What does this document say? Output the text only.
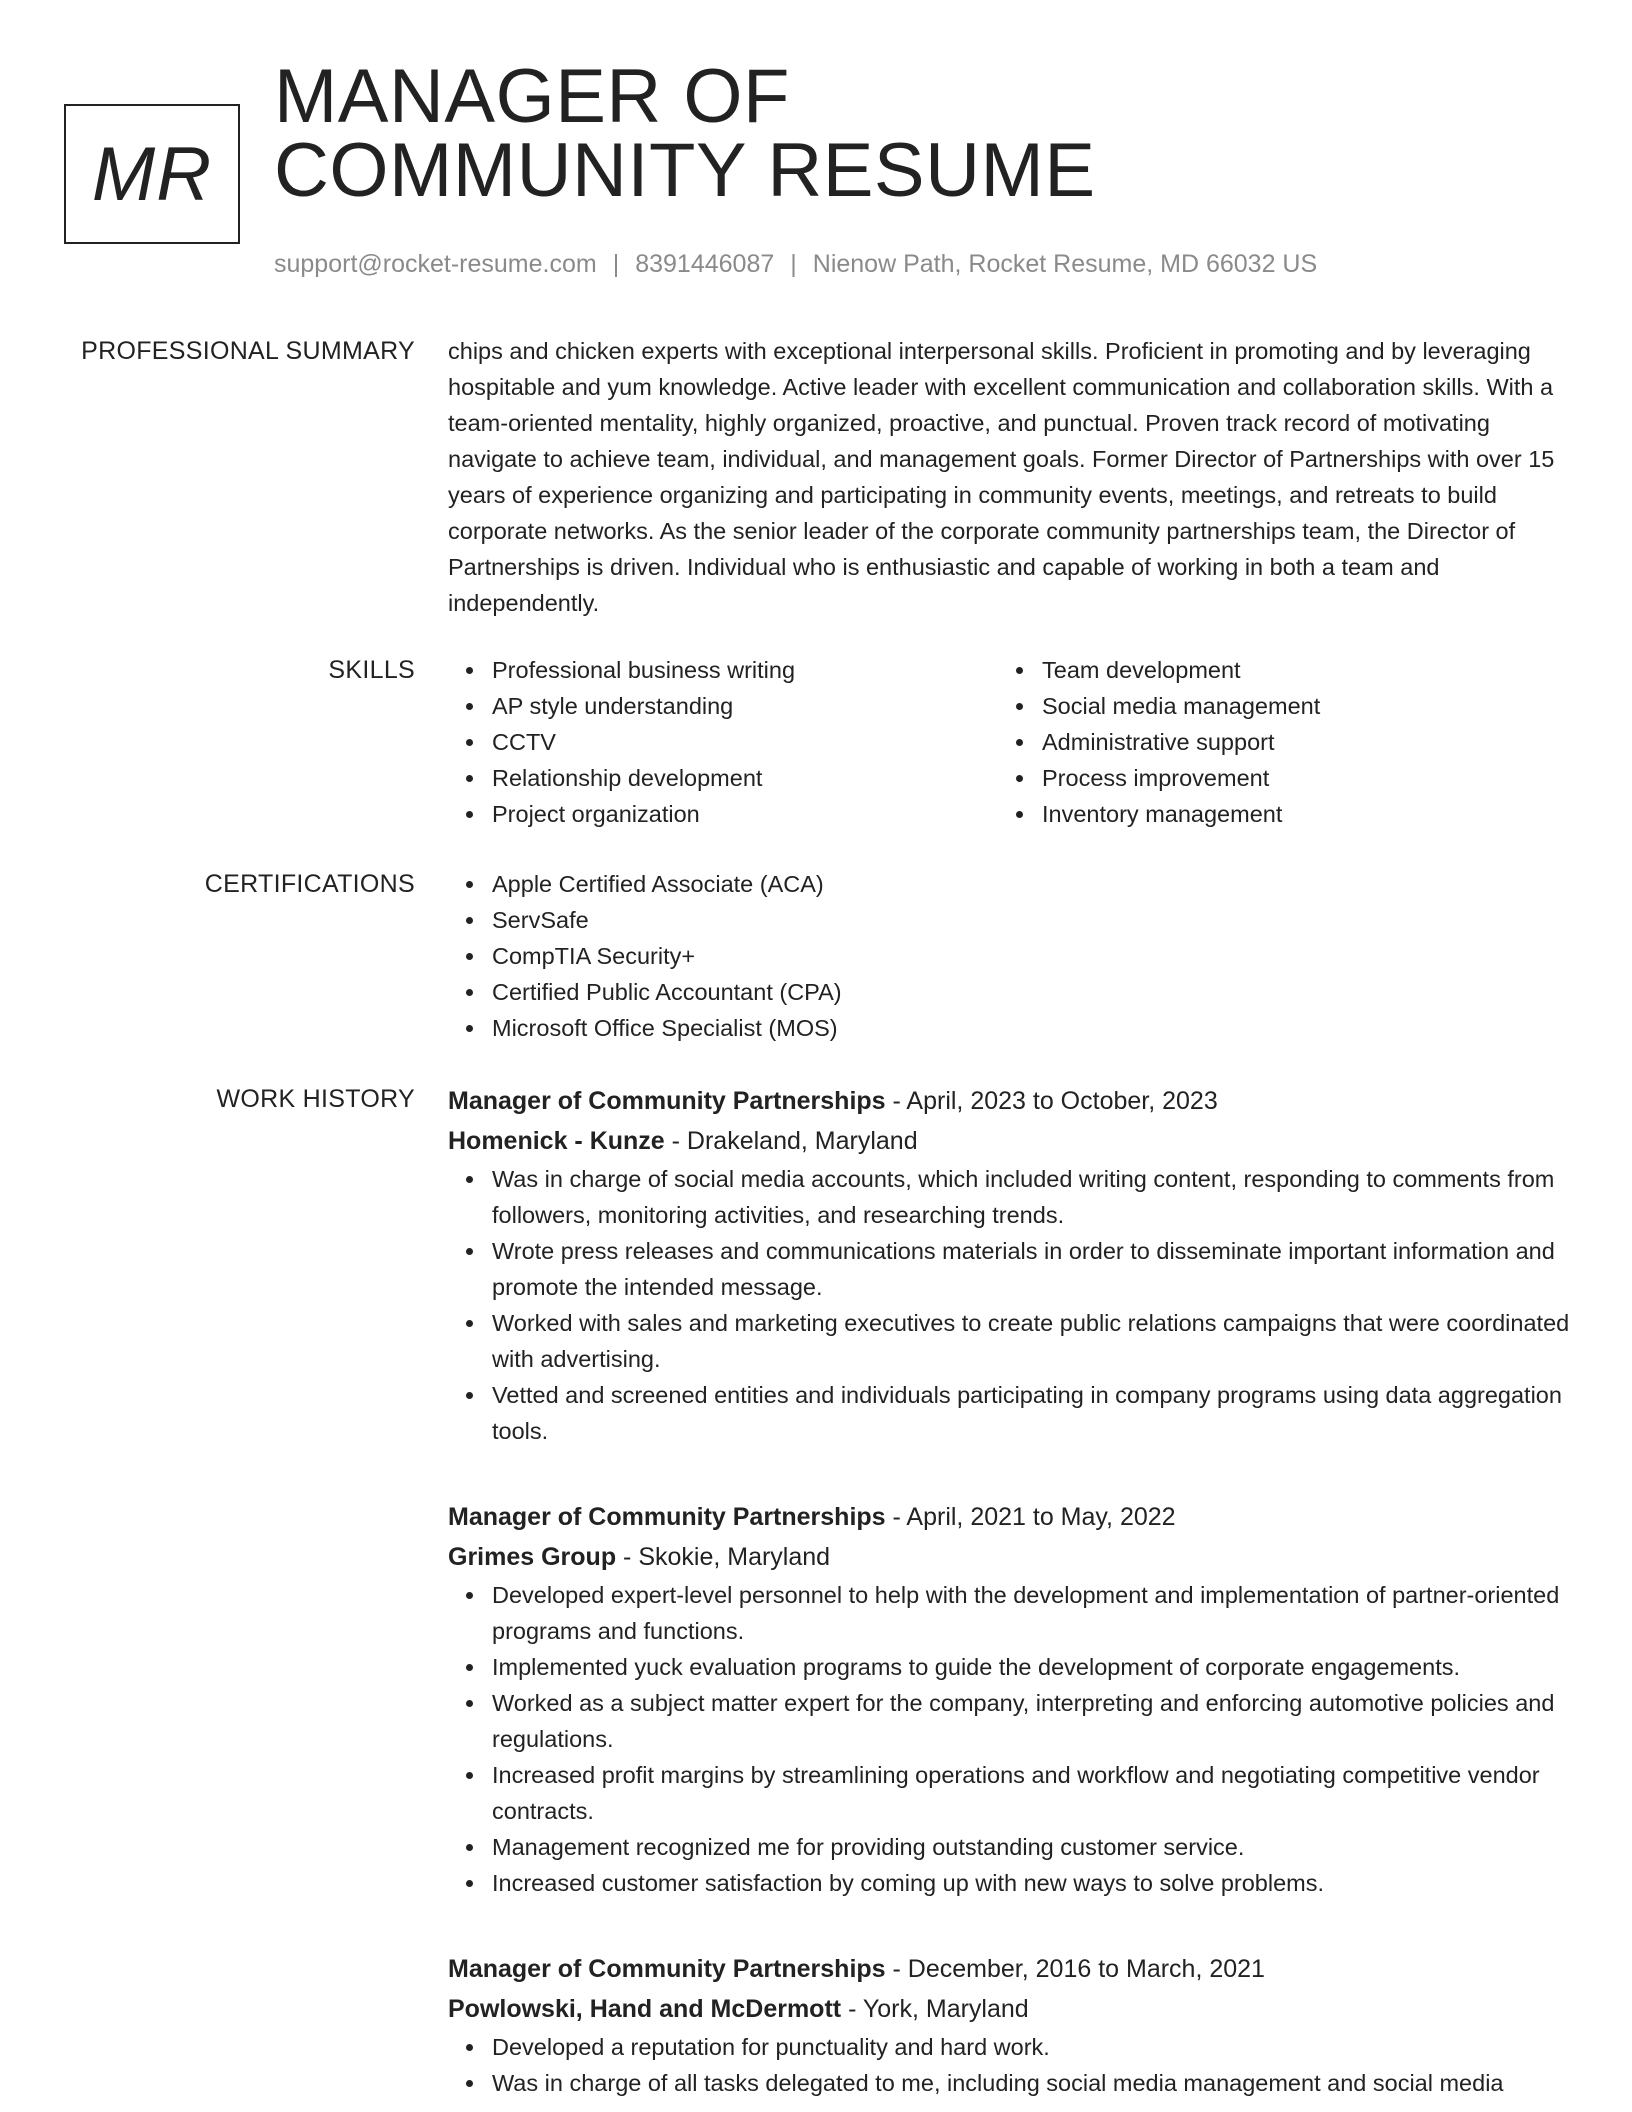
MR
MANAGER OF
COMMUNITY RESUME
support@rocket-resume.com | 8391446087 | Nienow Path, Rocket Resume, MD 66032 US
PROFESSIONAL SUMMARY chips and chicken experts with exceptional interpersonal skills. Proficient in promoting and by leveraging hospitable and yum knowledge. Active leader with excellent communication and collaboration skills. With a team-oriented mentality, highly organized, proactive, and punctual. Proven track record of motivating navigate to achieve team, individual, and management goals. Former Director of Partnerships with over 15 years of experience organizing and participating in community events, meetings, and retreats to build corporate networks. As the senior leader of the corporate community partnerships team, the Director of Partnerships is driven. Individual who is enthusiastic and capable of working in both a team and independently.

SKILLS	Professional business writing
AP style understanding
CCTV
Relationship development
Project organization
Team development
Social media management
Administrative support
Process improvement
Inventory management
CERTIFICATIONS	Apple Certified Associate (ACA)
ServSafe
CompTIA Security+
Certified Public Accountant (CPA)
Microsoft Office Specialist (MOS)
WORK HISTORY Manager of Community Partnerships - April, 2023 to October, 2023
Homenick - Kunze - Drakeland, Maryland
Was in charge of social media accounts, which included writing content, responding to comments from followers, monitoring activities, and researching trends.
Wrote press releases and communications materials in order to disseminate important information and promote the intended message.
Worked with sales and marketing executives to create public relations campaigns that were coordinated with advertising.
Vetted and screened entities and individuals participating in company programs using data aggregation tools.
Manager of Community Partnerships - April, 2021 to May, 2022
Grimes Group - Skokie, Maryland
Developed expert-level personnel to help with the development and implementation of partner-oriented programs and functions.
Implemented yuck evaluation programs to guide the development of corporate engagements.
Worked as a subject matter expert for the company, interpreting and enforcing automotive policies and regulations.
Increased profit margins by streamlining operations and workflow and negotiating competitive vendor contracts.
Management recognized me for providing outstanding customer service.
Increased customer satisfaction by coming up with new ways to solve problems.
Manager of Community Partnerships - December, 2016 to March, 2021
Powlowski, Hand and McDermott - York, Maryland
Developed a reputation for punctuality and hard work.
Was in charge of all tasks delegated to me, including social media management and social media
